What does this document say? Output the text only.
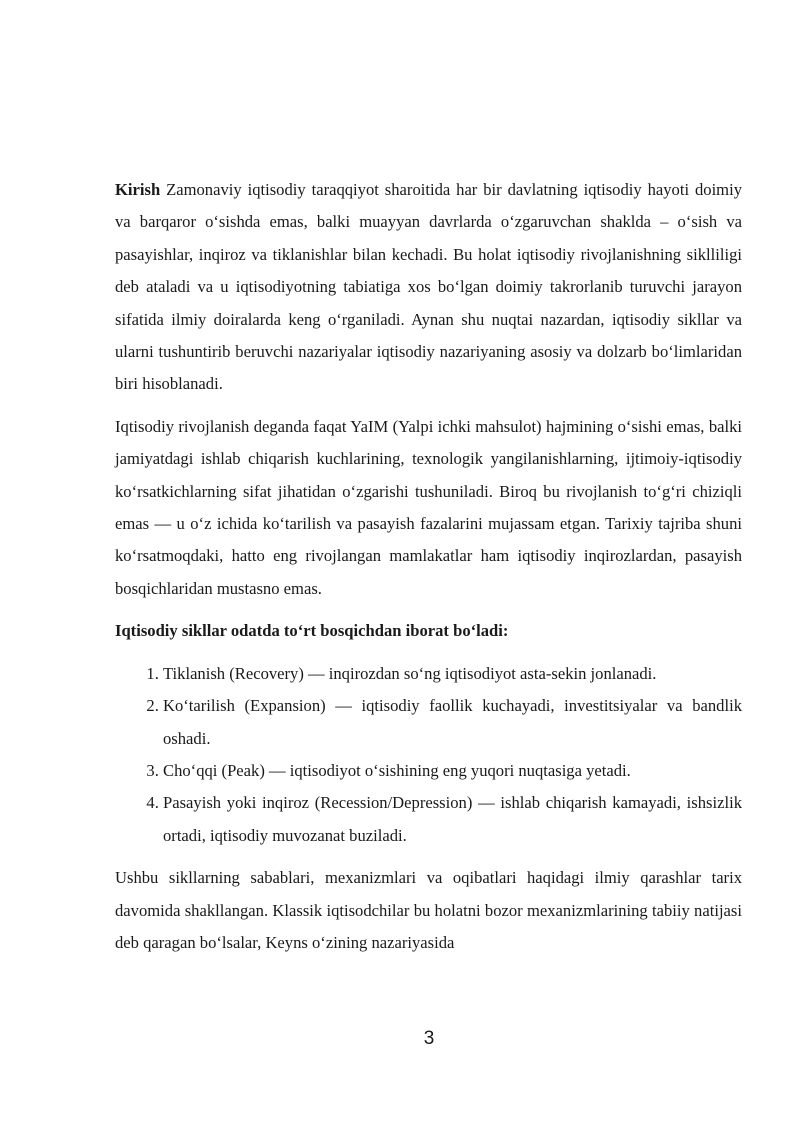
Kirish Zamonaviy iqtisodiy taraqqiyot sharoitida har bir davlatning iqtisodiy hayoti doimiy va barqaror o‘sishda emas, balki muayyan davrlarda o‘zgaruvchan shaklda – o‘sish va pasayishlar, inqiroz va tiklanishlar bilan kechadi. Bu holat iqtisodiy rivojlanishning siklliligi deb ataladi va u iqtisodiyotning tabiatiga xos bo‘lgan doimiy takrorlanib turuvchi jarayon sifatida ilmiy doiralarda keng o‘rganiladi. Aynan shu nuqtai nazardan, iqtisodiy sikllar va ularni tushuntirib beruvchi nazariyalar iqtisodiy nazariyaning asosiy va dolzarb bo‘limlaridan biri hisoblanadi.

Iqtisodiy rivojlanish deganda faqat YaIM (Yalpi ichki mahsulot) hajmining o‘sishi emas, balki jamiyatdagi ishlab chiqarish kuchlarining, texnologik yangilanishlarning, ijtimoiy-iqtisodiy ko‘rsatkichlarning sifat jihatidan o‘zgarishi tushuniladi. Biroq bu rivojlanish to‘g‘ri chiziqli emas — u o‘z ichida ko‘tarilish va pasayish fazalarini mujassam etgan. Tarixiy tajriba shuni ko‘rsatmoqdaki, hatto eng rivojlangan mamlakatlar ham iqtisodiy inqirozlardan, pasayish bosqichlaridan mustasno emas.

Iqtisodiy sikllar odatda to‘rt bosqichdan iborat bo‘ladi:

1. Tiklanish (Recovery) — inqirozdan so‘ng iqtisodiyot asta-sekin jonlanadi.
2. Ko‘tarilish (Expansion) — iqtisodiy faollik kuchayadi, investitsiyalar va bandlik oshadi.
3. Cho‘qqi (Peak) — iqtisodiyot o‘sishining eng yuqori nuqtasiga yetadi.
4. Pasayish yoki inqiroz (Recession/Depression) — ishlab chiqarish kamayadi, ishsizlik ortadi, iqtisodiy muvozanat buziladi.

Ushbu sikllarning sabablari, mexanizmlari va oqibatlari haqidagi ilmiy qarashlar tarix davomida shakllangan. Klassik iqtisodchilar bu holatni bozor mexanizmlarining tabiiy natijasi deb qaragan bo‘lsalar, Keyns o‘zining nazariyasida

3
